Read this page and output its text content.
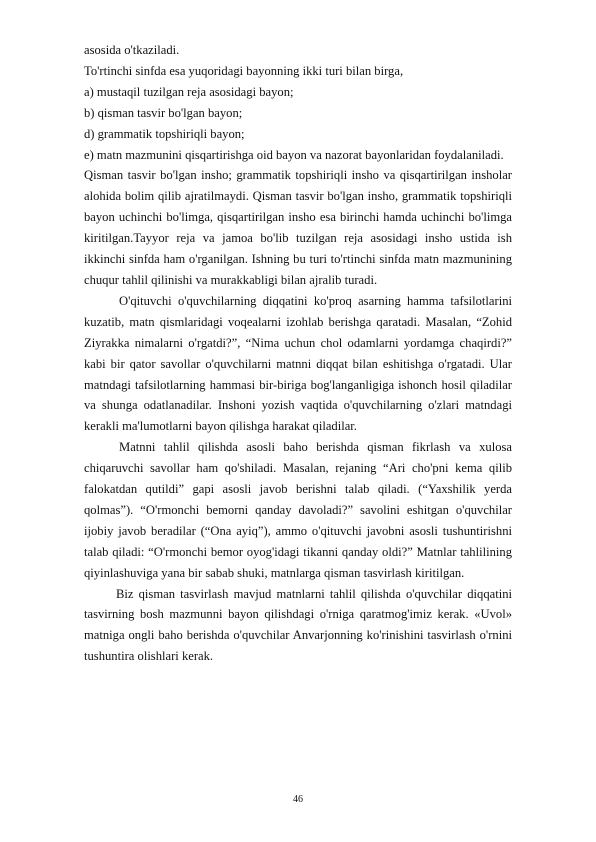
asosida o'tkaziladi.

To'rtinchi sinfda esa yuqoridagi bayonning ikki turi bilan birga,

a) mustaqil tuzilgan reja asosidagi bayon;

b) qisman tasvir bo'lgan bayon;

d) grammatik topshiriqli bayon;

e) matn mazmunini qisqartirishga oid bayon va nazorat bayonlaridan foydalaniladi.

Qisman tasvir bo'lgan insho; grammatik topshiriqli insho va qisqartirilgan insholar alohida bolim qilib ajratilmaydi. Qisman tasvir bo'lgan insho, grammatik topshiriqli bayon uchinchi bo'limga, qisqartirilgan insho esa birinchi hamda uchinchi bo'limga kiritilgan.Tayyor reja va jamoa bo'lib tuzilgan reja asosidagi insho ustida ish ikkinchi sinfda ham o'rganilgan. Ishning bu turi to'rtinchi sinfda matn mazmunining chuqur tahlil qilinishi va murakkabligi bilan ajralib turadi.

O'qituvchi o'quvchilarning diqqatini ko'proq asarning hamma tafsilotlarini kuzatib, matn qismlaridagi voqealarni izohlab berishga qaratadi. Masalan, “Zohid Ziyrakka nimalarni o'rgatdi?”, “Nima uchun chol odamlarni yordamga chaqirdi?” kabi bir qator savollar o'quvchilarni matnni diqqat bilan eshitishga o'rgatadi. Ular matndagi tafsilotlarning hammasi bir-biriga bog'langanligiga ishonch hosil qiladilar va shunga odatlanadilar. Inshoni yozish vaqtida o'quvchilarning o'zlari matndagi kerakli ma'lumotlarni bayon qilishga harakat qiladilar.

Matnni tahlil qilishda asosli baho berishda qisman fikrlash va xulosa chiqaruvchi savollar ham qo'shiladi. Masalan, rejaning “Ari cho'pni kema qilib falokatdan qutildi” gapi asosli javob berishni talab qiladi. (“Yaxshilik yerda qolmas”). “O'rmonchi bemorni qanday davoladi?” savolini eshitgan o'quvchilar ijobiy javob beradilar (“Ona ayiq”), ammo o'qituvchi javobni asosli tushuntirishni talab qiladi: “O'rmonchi bemor oyog'idagi tikanni qanday oldi?” Matnlar tahlilining qiyinlashuviga yana bir sabab shuki, matnlarga qisman tasvirlash kiritilgan.

Biz qisman tasvirlash mavjud matnlarni tahlil qilishda o'quvchilar diqqatini tasvirning bosh mazmunni bayon qilishdagi o'rniga qaratmog'imiz kerak. «Uvol» matniga ongli baho berishda o'quvchilar Anvarjonning ko'rinishini tasvirlash o'rnini tushuntira olishlari kerak.

46
